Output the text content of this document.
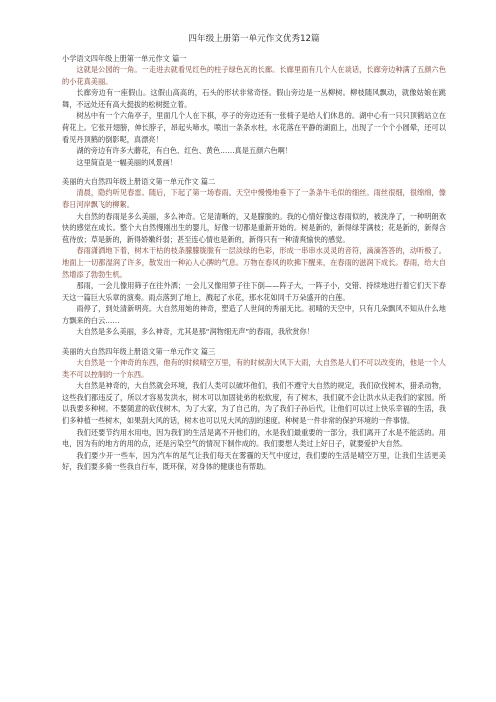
四年级上册第一单元作文优秀12篇

小学语文四年级上册第一单元作文 篇一

这就是公园的一角。一走进去就看见红色的柱子绿色瓦的长廊。长廊里面有几个人在谈话，长廊旁边种满了五颜六色的小花真美丽。

长廊旁边有一座假山。这假山高高的，石头的形状非常奇怪。假山旁边是一丛柳树。柳枝随风飘动，就像姑娘在跳舞，不远处还有高大挺拔的松树挺立着。

树丛中有一个六角亭子，里面几个人在下棋，亭子的旁边还有一张椅子是给人们休息的。湖中心有一只只顶鹤站立在荷花上。它张开翅膀，伸长脖子，昂起头啼水，喷出一条条水柱，水花落在平静的湖面上，出现了一个个小圆晕，还可以看见丹顶鹤的倒影呢，真漂亮！

湖的旁边有许多大蘑花，有白色、红色、黄色……真是五颜六色啊！

这里简直是一幅美丽的风景画！

美丽的大自然四年级上册语文第一单元作文 篇二

清晨，隐约听见春雷。随后，下起了第一场春雨。天空中慢慢地垂下了一条条牛毛似的细丝。雨丝很细，很绵绵，像春日河岸飘飞的柳絮。

大自然的春雨是多么美丽，多么神奇。它是清晰的，又是朦胧的。我的心情好像这春雨似的，被洗净了，一种明朗欢快的感觉在成长。整个大自然慢刚出生的婴儿，好像一切都是重新开始的。树是新的，新得绿芽满枝；花是新的，新得含苞待放；草是新的，新得娇嫩纤弱；甚至连心情也是新的，新得只有一种清爽愉快的感觉。

春雨潇洒地下着，树木干枯的枝条朦朦胧胧有一层淡绿的色彩，形成一串串水灵灵的音符，滴滴答答的，动听极了。地面上一切都湿润了许多，散发出一种沁人心脾的气息。万物在春风的吹拂下醒来，在春雨的滋润下成长。春雨，给大自然增添了勃勃生机。

那雨，一会儿像用筛子在往外洒；一会儿又像用箩子往下倒——阵子大，一阵子小，交错、持续地进行着它们天下春天这一篇巨大乐章的演奏。雨点落到了地上，溅起了水花，那水花如同千万朵盛开的白莲。

雨停了，到处清新明亮。大自然用她的神奇，塑造了人世间的秀丽无比。初晴的天空中，只有几朵飘风不知从什么地方飘来的白云……

大自然是多么美丽，多么神奇，尤其是那“润物细无声”的春雨，我欣赏你！

美丽的大自然四年级上册语文第一单元作文 篇三

大自然是一个神奇的东西，他有的时候晴空万里，有的时候刮大风下大雨，大自然是人们不可以改变的，他是一个人类不可以控制的一个东西。

大自然是神奇的，大自然就会环境，我们人类可以破坏他们，我们不遵守大自然的规定，我们砍伐树木，猎杀动物，这些我们都违反了，所以才容易发洪水，树木可以加固徒弟的松软度，有了树木，我们就不会让洪水从走我们的家园。所以我要多种树。不要随意的砍伐树木，为了大家，为了自己的，为了我们子孙后代，让他们可以过上快乐幸福的生活，我们多种植一些树木，如果刮大风的话，树木也可以见大风的刮的速度。种树是一件非常的保护环境的一件事情。

我们还要节约用水用电，因为我们的生活是离不开他们的，水是我们最重要的一部分，我们离开了水是不能活的。用电，因为有的地方的用的点，还是污染空气的情况下制作成的。我们要想人类过上好日子，就要爱护大自然。

我们要少开一些车，因为汽车的尾气让我们每天在雾霾的天气中度过，我们要的生活是晴空万里，让我们生活更美好，我们要多骑一些我自行车，既环保，对身体的健康也有帮助。
